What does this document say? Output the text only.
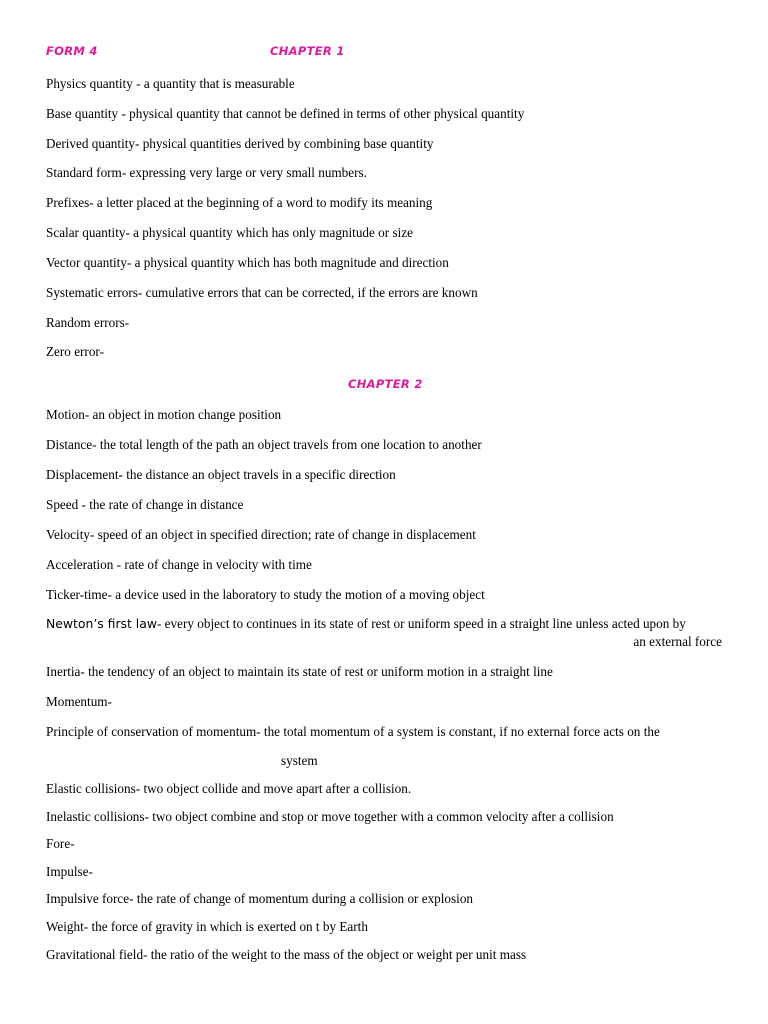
FORM 4	CHAPTER 1
Physics quantity - a quantity that is measurable
Base quantity - physical quantity that cannot be defined in terms of other physical quantity
Derived quantity- physical quantities derived by combining base quantity
Standard form- expressing very large or very small numbers.
Prefixes- a letter placed at the beginning of a word to modify its meaning
Scalar quantity- a physical quantity which has only magnitude or size
Vector quantity- a physical quantity which has both magnitude and direction
Systematic errors- cumulative errors that can be corrected, if the errors are known
Random errors-
Zero error-
CHAPTER 2
Motion- an object in motion change position
Distance- the total length of the path an object travels from one location to another
Displacement- the distance an object travels in a specific direction
Speed - the rate of change in distance
Velocity- speed of an object in specified direction; rate of change in displacement
Acceleration - rate of change in velocity with time
Ticker-time- a device used in the laboratory to study the motion of a moving object
Newton’s first law- every object to continues in its state of rest or uniform speed in a straight line unless acted upon by
an external force
Inertia- the tendency of an object to maintain its state of rest or uniform motion in a straight line
Momentum-
Principle of conservation of momentum- the total momentum of a system is constant, if no external force acts on the
system
Elastic collisions- two object collide and move apart after a collision.
Inelastic collisions- two object combine and stop or move together with a common velocity after a collision
Fore-
Impulse-
Impulsive force- the rate of change of momentum during a collision or explosion
Weight- the force of gravity in which is exerted on t by Earth
Gravitational field- the ratio of the weight to the mass of the object or weight per unit mass
